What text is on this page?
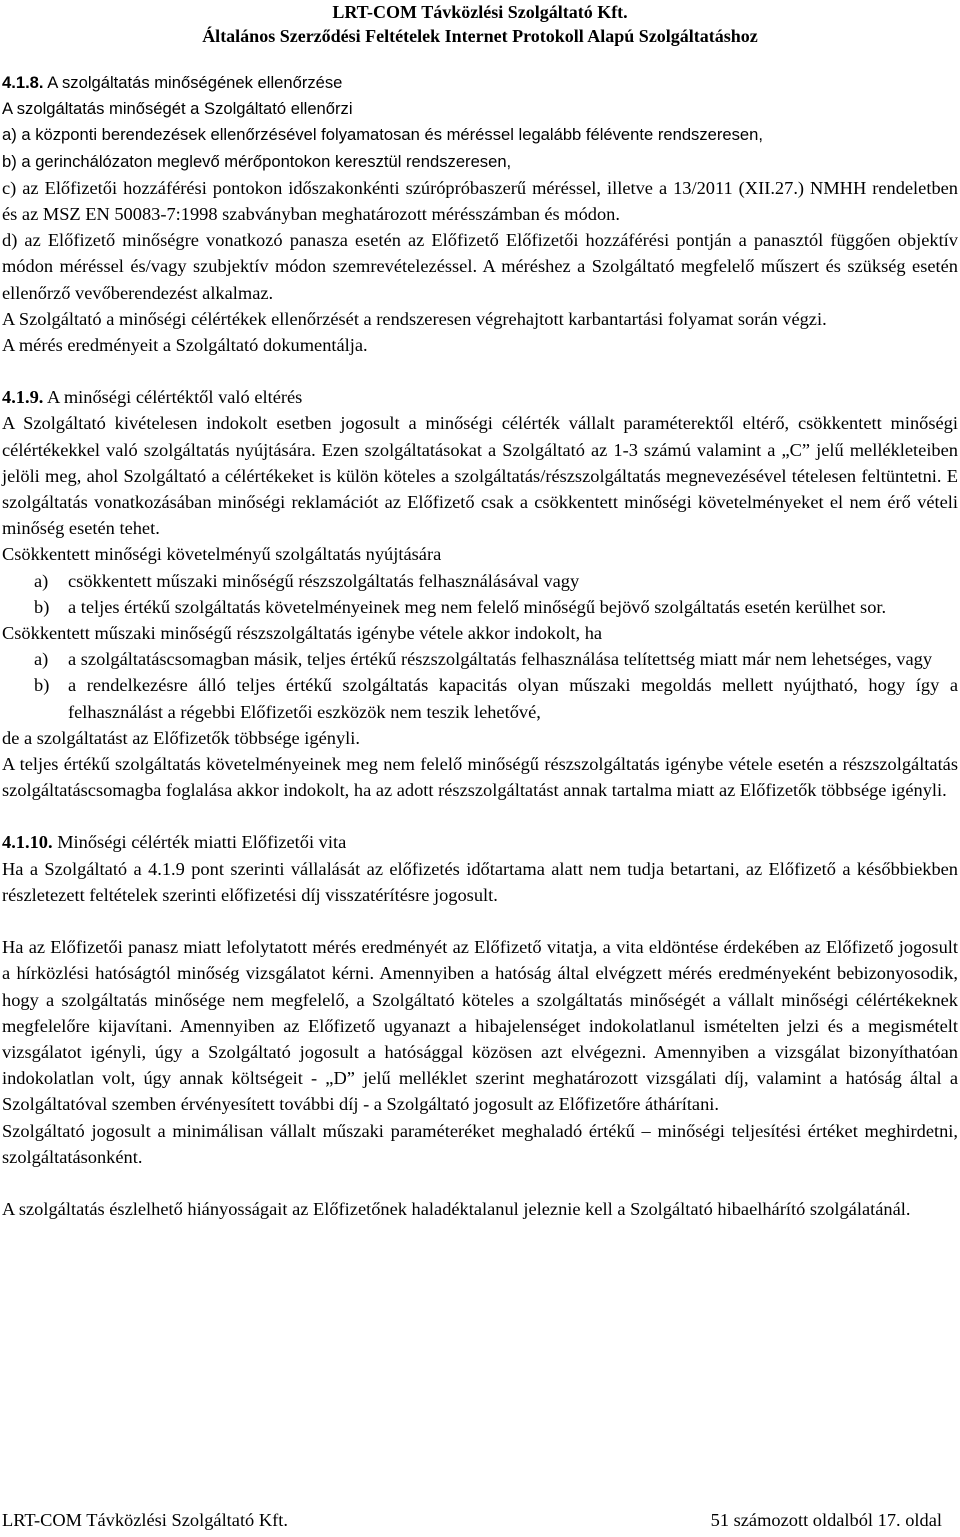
LRT-COM Távközlési Szolgáltató Kft.
Általános Szerződési Feltételek Internet Protokoll Alapú Szolgáltatáshoz

4.1.8. A szolgáltatás minőségének ellenőrzése

A szolgáltatás minőségét a Szolgáltató ellenőrzi

a) a központi berendezések ellenőrzésével folyamatosan és méréssel legalább félévente rendszeresen,

b) a gerinchálózaton meglevő mérőpontokon keresztül rendszeresen,

c) az Előfizetői hozzáférési pontokon időszakonkénti szúrópróbaszerű méréssel, illetve a 13/2011 (XII.27.) NMHH rendeletben és az MSZ EN 50083-7:1998 szabványban meghatározott mérésszámban és módon.

d) az Előfizető minőségre vonatkozó panasza esetén az Előfizető Előfizetői hozzáférési pontján a panasztól függően objektív módon méréssel és/vagy szubjektív módon szemrevételezéssel. A méréshez a Szolgáltató megfelelő műszert és szükség esetén ellenőrző vevőberendezést alkalmaz.

A Szolgáltató a minőségi célértékek ellenőrzését a rendszeresen végrehajtott karbantartási folyamat során végzi.

A mérés eredményeit a Szolgáltató dokumentálja.

4.1.9. A minőségi célértéktől való eltérés

A Szolgáltató kivételesen indokolt esetben jogosult a minőségi célérték vállalt paraméterektől eltérő, csökkentett minőségi célértékekkel való szolgáltatás nyújtására. Ezen szolgáltatásokat a Szolgáltató az 1-3 számú valamint a „C” jelű mellékleteiben jelöli meg, ahol Szolgáltató a célértékeket is külön köteles a szolgáltatás/részszolgáltatás megnevezésével tételesen feltüntetni. E szolgáltatás vonatkozásában minőségi reklamációt az Előfizető csak a csökkentett minőségi követelményeket el nem érő vételi minőség esetén tehet.

Csökkentett minőségi követelményű szolgáltatás nyújtására

a)	csökkentett műszaki minőségű részszolgáltatás felhasználásával vagy
b)	a teljes értékű szolgáltatás követelményeinek meg nem felelő minőségű bejövő szolgáltatás esetén kerülhet sor.

Csökkentett műszaki minőségű részszolgáltatás igénybe vétele akkor indokolt, ha

a)	a szolgáltatáscsomagban másik, teljes értékű részszolgáltatás felhasználása telítettség miatt már nem lehetséges, vagy
b)	a rendelkezésre álló teljes értékű szolgáltatás kapacitás olyan műszaki megoldás mellett nyújtható, hogy így a felhasználást a régebbi Előfizetői eszközök nem teszik lehetővé,

de a szolgáltatást az Előfizetők többsége igényli.

A teljes értékű szolgáltatás követelményeinek meg nem felelő minőségű részszolgáltatás igénybe vétele esetén a részszolgáltatás szolgáltatáscsomagba foglalása akkor indokolt, ha az adott részszolgáltatást annak tartalma miatt az Előfizetők többsége igényli.

4.1.10. Minőségi célérték miatti Előfizetői vita

Ha a Szolgáltató a 4.1.9 pont szerinti vállalását az előfizetés időtartama alatt nem tudja betartani, az Előfizető a későbbiekben részletezett feltételek szerinti előfizetési díj visszatérítésre jogosult.

Ha az Előfizetői panasz miatt lefolytatott mérés eredményét az Előfizető vitatja, a vita eldöntése érdekében az Előfizető jogosult a hírközlési hatóságtól minőség vizsgálatot kérni. Amennyiben a hatóság által elvégzett mérés eredményeként bebizonyosodik, hogy a szolgáltatás minősége nem megfelelő, a Szolgáltató köteles a szolgáltatás minőségét a vállalt minőségi célértékeknek megfelelőre kijavítani. Amennyiben az Előfizető ugyanazt a hibajelenséget indokolatlanul ismételten jelzi és a megismételt vizsgálatot igényli, úgy a Szolgáltató jogosult a hatósággal közösen azt elvégezni. Amennyiben a vizsgálat bizonyíthatóan indokolatlan volt, úgy annak költségeit - „D” jelű melléklet szerint meghatározott vizsgálati díj, valamint a hatóság által a Szolgáltatóval szemben érvényesített további díj - a Szolgáltató jogosult az Előfizetőre áthárítani.

Szolgáltató jogosult a minimálisan vállalt műszaki paraméteréket meghaladó értékű – minőségi teljesítési értéket meghirdetni, szolgáltatásonként.

A szolgáltatás észlelhető hiányosságait az Előfizetőnek haladéktalanul jeleznie kell a Szolgáltató hibaelhárító szolgálatánál.

LRT-COM Távközlési Szolgáltató Kft.	51 számozott oldalból 17. oldal
